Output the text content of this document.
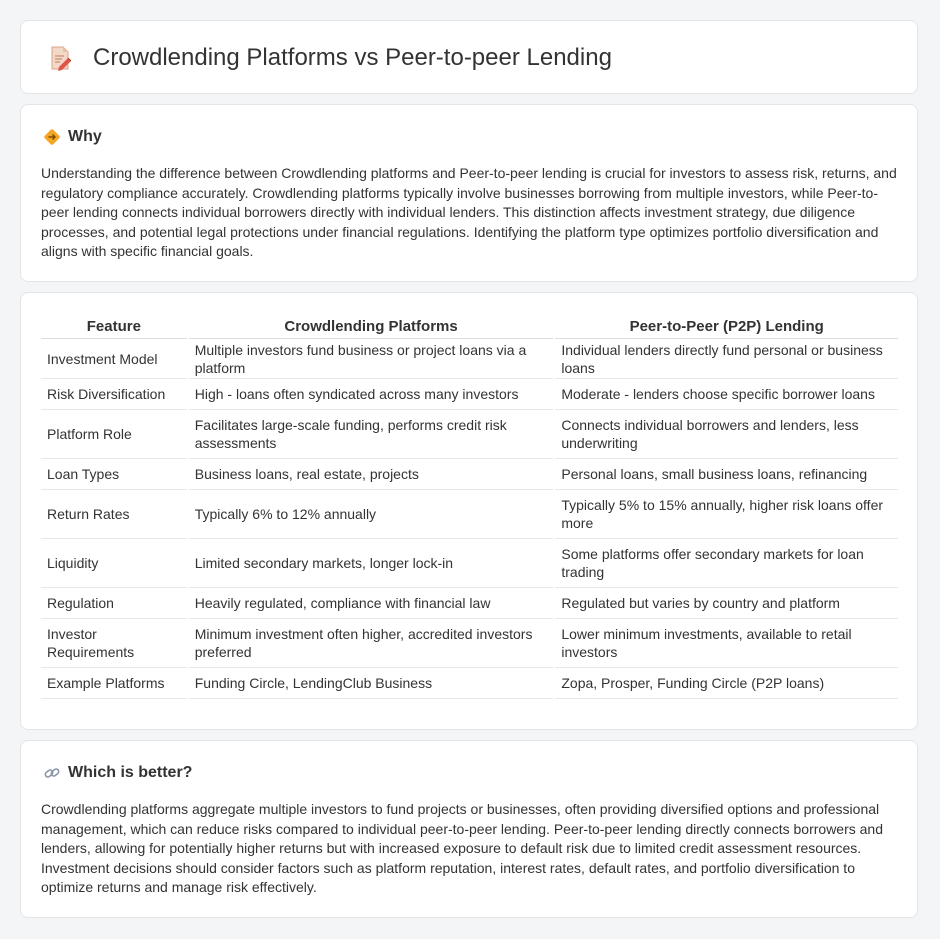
Crowdlending Platforms vs Peer-to-peer Lending
Why

Understanding the difference between Crowdlending platforms and Peer-to-peer lending is crucial for investors to assess risk, returns, and regulatory compliance accurately. Crowdlending platforms typically involve businesses borrowing from multiple investors, while Peer-to-peer lending connects individual borrowers directly with individual lenders. This distinction affects investment strategy, due diligence processes, and potential legal protections under financial regulations. Identifying the platform type optimizes portfolio diversification and aligns with specific financial goals.

Feature	Crowdlending Platforms	Peer-to-Peer (P2P) Lending
Investment Model	Multiple investors fund business or project loans via a platform	Individual lenders directly fund personal or business loans
Risk Diversification	High - loans often syndicated across many investors	Moderate - lenders choose specific borrower loans
Platform Role	Facilitates large-scale funding, performs credit risk assessments	Connects individual borrowers and lenders, less underwriting
Loan Types	Business loans, real estate, projects	Personal loans, small business loans, refinancing
Return Rates	Typically 6% to 12% annually	Typically 5% to 15% annually, higher risk loans offer more
Liquidity	Limited secondary markets, longer lock-in	Some platforms offer secondary markets for loan trading
Regulation	Heavily regulated, compliance with financial law	Regulated but varies by country and platform
Investor Requirements	Minimum investment often higher, accredited investors preferred	Lower minimum investments, available to retail investors
Example Platforms	Funding Circle, LendingClub Business	Zopa, Prosper, Funding Circle (P2P loans)
Which is better?

Crowdlending platforms aggregate multiple investors to fund projects or businesses, often providing diversified options and professional management, which can reduce risks compared to individual peer-to-peer lending. Peer-to-peer lending directly connects borrowers and lenders, allowing for potentially higher returns but with increased exposure to default risk due to limited credit assessment resources. Investment decisions should consider factors such as platform reputation, interest rates, default rates, and portfolio diversification to optimize returns and manage risk effectively.
